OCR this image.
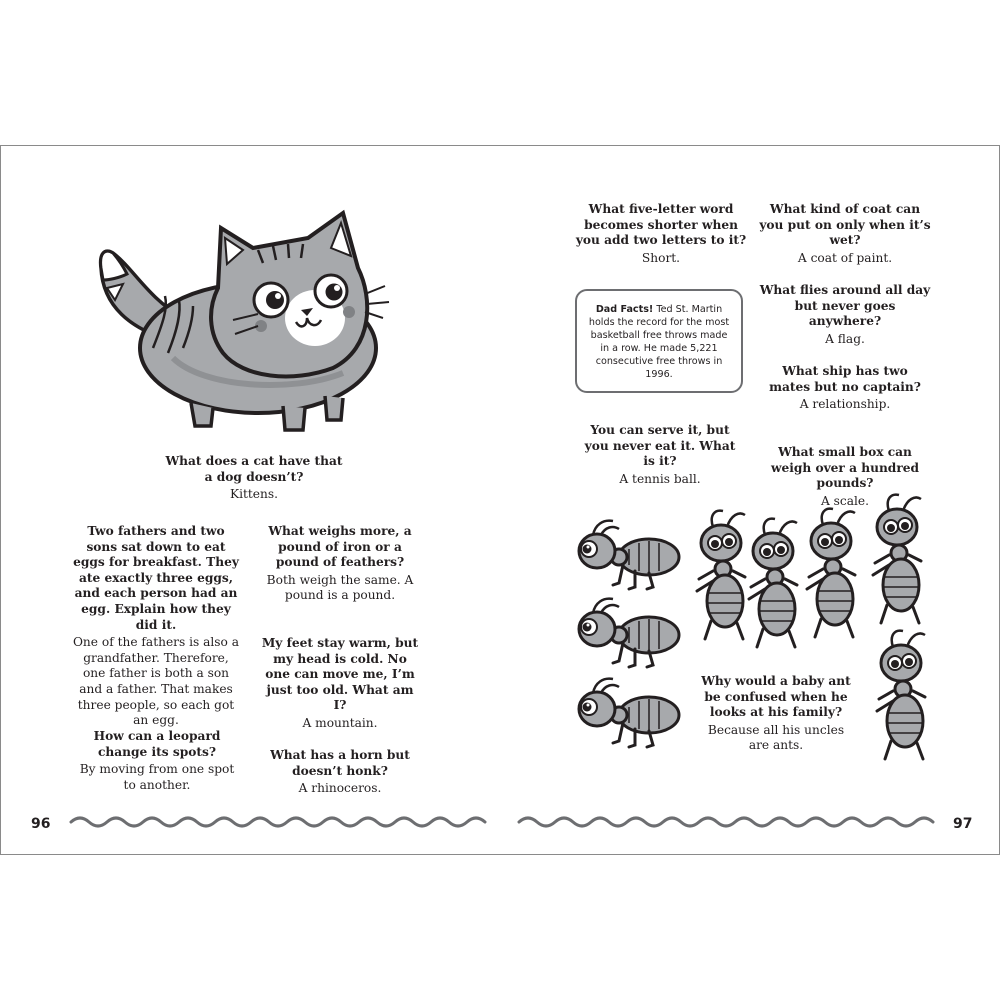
What does a cat have that a dog doesn’t?
Kittens.
Two fathers and two sons sat down to eat eggs for breakfast. They ate exactly three eggs, and each person had an egg. Explain how they did it.
One of the fathers is also a grandfather. Therefore, one father is both a son and a father. That makes three people, so each got an egg.
How can a leopard change its spots?
By moving from one spot to another.
What weighs more, a pound of iron or a pound of feathers?
Both weigh the same. A pound is a pound.
My feet stay warm, but my head is cold. No one can move me, I’m just too old. What am I?
A mountain.
What has a horn but doesn’t honk?
A rhinoceros.
96
What five-letter word becomes shorter when you add two letters to it?
Short.
Dad Facts! Ted St. Martin holds the record for the most basketball free throws made in a row. He made 5,221 consecutive free throws in 1996.
You can serve it, but you never eat it. What is it?
A tennis ball.
What kind of coat can you put on only when it’s wet?
A coat of paint.
What flies around all day but never goes anywhere?
A flag.
What ship has two mates but no captain?
A relationship.
What small box can weigh over a hundred pounds?
A scale.
Why would a baby ant be confused when he looks at his family?
Because all his uncles are ants.
97
